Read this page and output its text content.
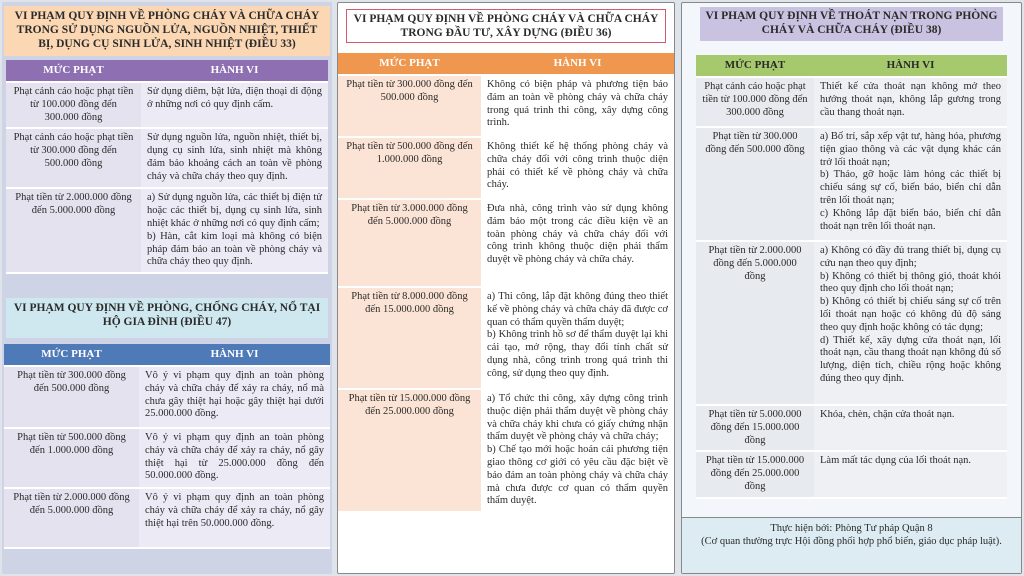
VI PHẠM QUY ĐỊNH VỀ PHÒNG CHÁY VÀ CHỮA CHÁY TRONG SỬ DỤNG NGUỒN LỬA, NGUỒN NHIỆT, THIẾT BỊ, DỤNG CỤ SINH LỬA, SINH NHIỆT (ĐIỀU 33)
MỨC PHẠT	HÀNH VI
Phạt cảnh cáo hoặc phạt tiền từ 100.000 đồng đến 300.000 đồng	Sử dụng diêm, bật lửa, điện thoại di động ở những nơi có quy định cấm.
Phạt cảnh cáo hoặc phạt tiền từ 300.000 đồng đến 500.000 đồng	Sử dụng nguồn lửa, nguồn nhiệt, thiết bị, dụng cụ sinh lửa, sinh nhiệt mà không đảm bảo khoảng cách an toàn về phòng cháy và chữa cháy theo quy định.
Phạt tiền từ 2.000.000 đồng đến 5.000.000 đồng	a) Sử dụng nguồn lửa, các thiết bị điện tử hoặc các thiết bị, dụng cụ sinh lửa, sinh nhiệt khác ở những nơi có quy định cấm;
b) Hàn, cắt kim loại mà không có biện pháp đảm bảo an toàn về phòng cháy và chữa cháy theo quy định.
VI PHẠM QUY ĐỊNH VỀ PHÒNG, CHỐNG CHÁY, NỔ TẠI HỘ GIA ĐÌNH (ĐIỀU 47)
MỨC PHẠT	HÀNH VI
Phạt tiền từ 300.000 đồng đến 500.000 đồng	Vô ý vi phạm quy định an toàn phòng cháy và chữa cháy để xảy ra cháy, nổ mà chưa gây thiệt hại hoặc gây thiệt hại dưới 25.000.000 đồng.
Phạt tiền từ 500.000 đồng đến 1.000.000 đồng	Vô ý vi phạm quy định an toàn phòng cháy và chữa cháy để xảy ra cháy, nổ gây thiệt hại từ 25.000.000 đồng đến 50.000.000 đồng.
Phạt tiền từ 2.000.000 đồng đến 5.000.000 đồng	Vô ý vi phạm quy định an toàn phòng cháy và chữa cháy để xảy ra cháy, nổ gây thiệt hại trên 50.000.000 đồng.
VI PHẠM QUY ĐỊNH VỀ PHÒNG CHÁY VÀ CHỮA CHÁY TRONG ĐẦU TƯ, XÂY DỰNG (ĐIỀU 36)
MỨC PHẠT	HÀNH VI
Phạt tiền từ 300.000 đồng đến 500.000 đồng	Không có biện pháp và phương tiện bảo đảm an toàn về phòng cháy và chữa cháy trong quá trình thi công, xây dựng công trình.
Phạt tiền từ 500.000 đồng đến 1.000.000 đồng	Không thiết kế hệ thống phòng cháy và chữa cháy đối với công trình thuộc diện phải có thiết kế về phòng cháy và chữa cháy.
Phạt tiền từ 3.000.000 đồng đến 5.000.000 đồng	Đưa nhà, công trình vào sử dụng không đảm bảo một trong các điều kiện về an toàn phòng cháy và chữa cháy đối với công trình không thuộc diện phải thẩm duyệt về phòng cháy và chữa cháy.
Phạt tiền từ 8.000.000 đồng đến 15.000.000 đồng	a) Thi công, lắp đặt không đúng theo thiết kế về phòng cháy và chữa cháy đã được cơ quan có thẩm quyền thẩm duyệt;
b) Không trình hồ sơ để thẩm duyệt lại khi cải tạo, mở rộng, thay đổi tính chất sử dụng nhà, công trình trong quá trình thi công, sử dụng theo quy định.
Phạt tiền từ 15.000.000 đồng đến 25.000.000 đồng	a) Tổ chức thi công, xây dựng công trình thuộc diện phải thẩm duyệt về phòng cháy và chữa cháy khi chưa có giấy chứng nhận thẩm duyệt về phòng cháy và chữa cháy;
b) Chế tạo mới hoặc hoán cải phương tiện giao thông cơ giới có yêu cầu đặc biệt về bảo đảm an toàn phòng cháy và chữa cháy mà chưa được cơ quan có thẩm quyền thẩm duyệt.
VI PHẠM QUY ĐỊNH VỀ THOÁT NẠN TRONG PHÒNG CHÁY VÀ CHỮA CHÁY (ĐIỀU 38)
MỨC PHẠT	HÀNH VI
Phạt cảnh cáo hoặc phạt tiền từ 100.000 đồng đến 300.000 đồng	Thiết kế cửa thoát nạn không mở theo hướng thoát nạn, không lắp gương trong cầu thang thoát nạn.
Phạt tiền từ 300.000 đồng đến 500.000 đồng	a) Bố trí, sắp xếp vật tư, hàng hóa, phương tiện giao thông và các vật dụng khác cản trở lối thoát nạn;
b) Tháo, gỡ hoặc làm hỏng các thiết bị chiếu sáng sự cố, biển báo, biển chỉ dẫn trên lối thoát nạn;
c) Không lắp đặt biển báo, biển chỉ dẫn thoát nạn trên lối thoát nạn.
Phạt tiền từ 2.000.000 đồng đến 5.000.000 đồng	a) Không có đầy đủ trang thiết bị, dụng cụ cứu nạn theo quy định;
b) Không có thiết bị thông gió, thoát khói theo quy định cho lối thoát nạn;
b) Không có thiết bị chiếu sáng sự cố trên lối thoát nạn hoặc có không đủ độ sáng theo quy định hoặc không có tác dụng;
d) Thiết kế, xây dựng cửa thoát nạn, lối thoát nạn, cầu thang thoát nạn không đủ số lượng, diện tích, chiều rộng hoặc không đúng theo quy định.
Phạt tiền từ 5.000.000 đồng đến 15.000.000 đồng	Khóa, chèn, chặn cửa thoát nạn.
Phạt tiền từ 15.000.000 đồng đến 25.000.000 đồng	Làm mất tác dụng của lối thoát nạn.
Thực hiện bởi: Phòng Tư pháp Quận 8
(Cơ quan thường trực Hội đồng phối hợp phổ biến, giáo dục pháp luật).
